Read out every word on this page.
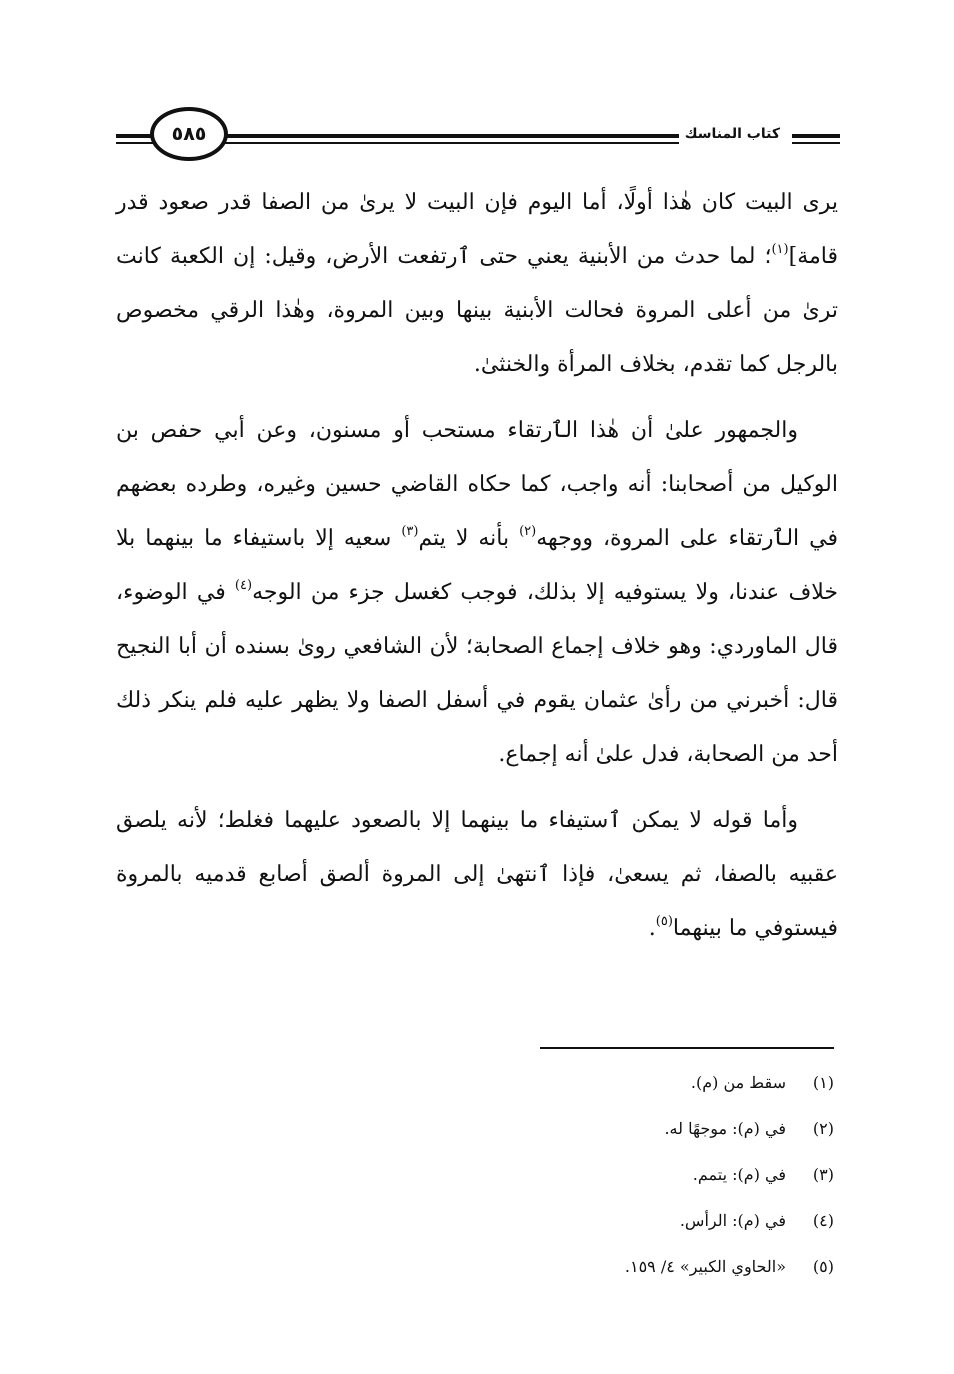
٥٨٥	كتاب المناسك

يرى البيت كان هٰذا أولًا، أما اليوم فإن البيت لا يرىٰ من الصفا قدر صعود قدر قامة]$^{(١)}$؛ لما حدث من الأبنية يعني حتى ٱرتفعت الأرض، وقيل: إن الكعبة كانت ترىٰ من أعلى المروة فحالت الأبنية بينها وبين المروة، وهٰذا الرقي مخصوص بالرجل كما تقدم، بخلاف المرأة والخنثىٰ.

والجمهور علىٰ أن هٰذا الٱرتقاء مستحب أو مسنون، وعن أبي حفص بن الوكيل من أصحابنا: أنه واجب، كما حكاه القاضي حسين وغيره، وطرده بعضهم في الٱرتقاء على المروة، ووجهه$^{(٢)}$ بأنه لا يتم$^{(٣)}$ سعيه إلا باستيفاء ما بينهما بلا خلاف عندنا، ولا يستوفيه إلا بذلك، فوجب كغسل جزء من الوجه$^{(٤)}$ في الوضوء، قال الماوردي: وهو خلاف إجماع الصحابة؛ لأن الشافعي روىٰ بسنده أن أبا النجيح قال: أخبرني من رأىٰ عثمان يقوم في أسفل الصفا ولا يظهر عليه فلم ينكر ذلك أحد من الصحابة، فدل علىٰ أنه إجماع.

وأما قوله لا يمكن ٱستيفاء ما بينهما إلا بالصعود عليهما فغلط؛ لأنه يلصق عقبيه بالصفا، ثم يسعىٰ، فإذا ٱنتهىٰ إلى المروة ألصق أصابع قدميه بالمروة فيستوفي ما بينهما$^{(٥)}$.

(١)
سقط من (م).
(٢)
في (م): موجهًا له.
(٣)
في (م): يتمم.
(٤)
في (م): الرأس.
(٥)
«الحاوي الكبير» ٤/ ١٥٩.
